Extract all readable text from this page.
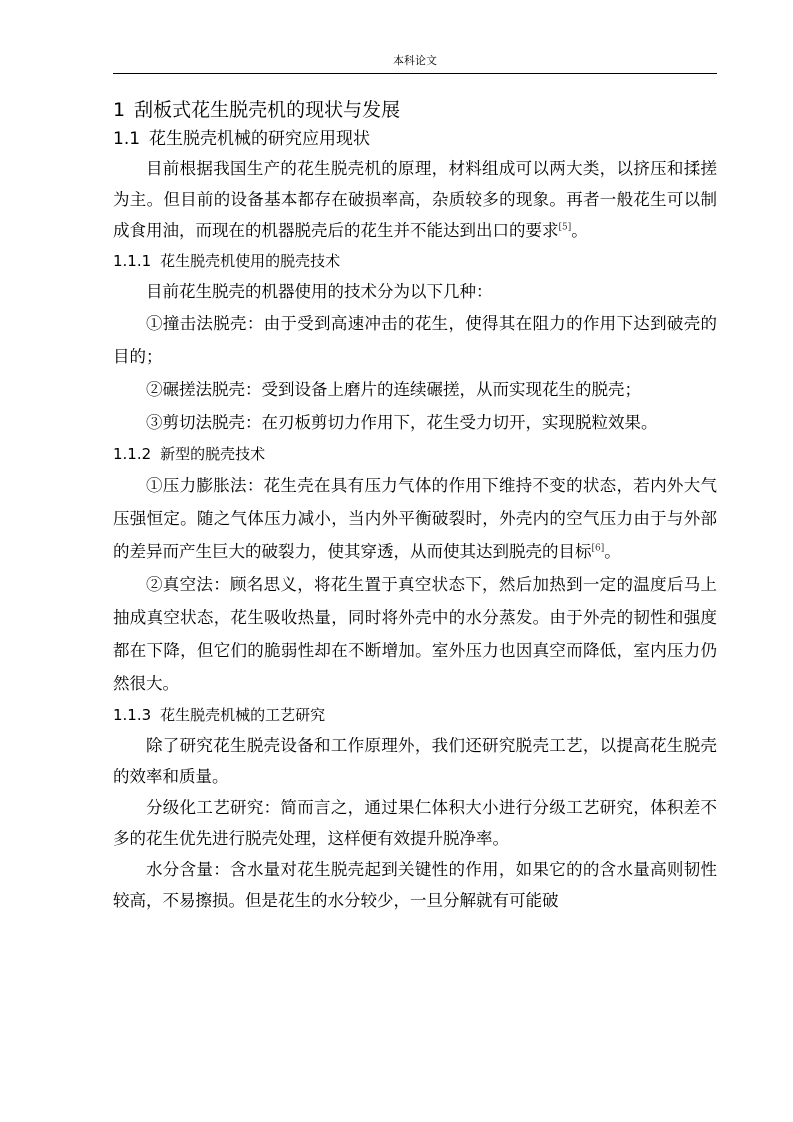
本科论文
1 刮板式花生脱壳机的现状与发展
1.1 花生脱壳机械的研究应用现状

目前根据我国生产的花生脱壳机的原理，材料组成可以两大类，以挤压和揉搓为主。但目前的设备基本都存在破损率高，杂质较多的现象。再者一般花生可以制成食用油，而现在的机器脱壳后的花生并不能达到出口的要求[5]。

1.1.1 花生脱壳机使用的脱壳技术

目前花生脱壳的机器使用的技术分为以下几种：

①撞击法脱壳：由于受到高速冲击的花生，使得其在阻力的作用下达到破壳的目的；

②碾搓法脱壳：受到设备上磨片的连续碾搓，从而实现花生的脱壳；

③剪切法脱壳：在刃板剪切力作用下，花生受力切开，实现脱粒效果。

1.1.2 新型的脱壳技术

①压力膨胀法：花生壳在具有压力气体的作用下维持不变的状态，若内外大气压强恒定。随之气体压力减小，当内外平衡破裂时，外壳内的空气压力由于与外部的差异而产生巨大的破裂力，使其穿透，从而使其达到脱壳的目标[6]。

②真空法：顾名思义，将花生置于真空状态下，然后加热到一定的温度后马上抽成真空状态，花生吸收热量，同时将外壳中的水分蒸发。由于外壳的韧性和强度都在下降，但它们的脆弱性却在不断增加。室外压力也因真空而降低，室内压力仍然很大。

1.1.3 花生脱壳机械的工艺研究

除了研究花生脱壳设备和工作原理外，我们还研究脱壳工艺，以提高花生脱壳的效率和质量。

分级化工艺研究：简而言之，通过果仁体积大小进行分级工艺研究，体积差不多的花生优先进行脱壳处理，这样便有效提升脱净率。

水分含量：含水量对花生脱壳起到关键性的作用，如果它的的含水量高则韧性较高，不易擦损。但是花生的水分较少，一旦分解就有可能破
